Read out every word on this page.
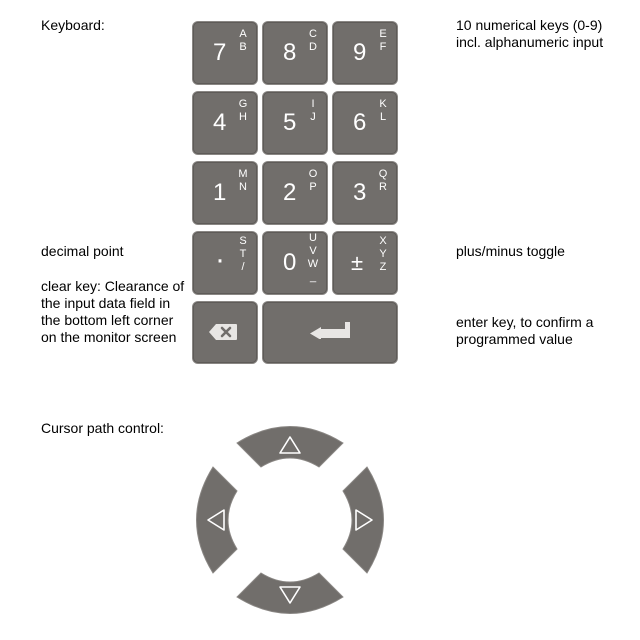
Keyboard:	10 numerical keys (0-9) incl. alphanumeric input
decimal point
clear key: Clearance of the input data field in the bottom left corner on the monitor screen
plus/minus toggle
enter key, to confirm a programmed value
Cursor path control:
7
A
B 8
C
D 9
E
F
4
G
H 5
I
J 6
K
L
1
M
N 2
O
P 3
Q
R
·
S
T
/ 0
U
V
W
_
±
X
Y
Z
